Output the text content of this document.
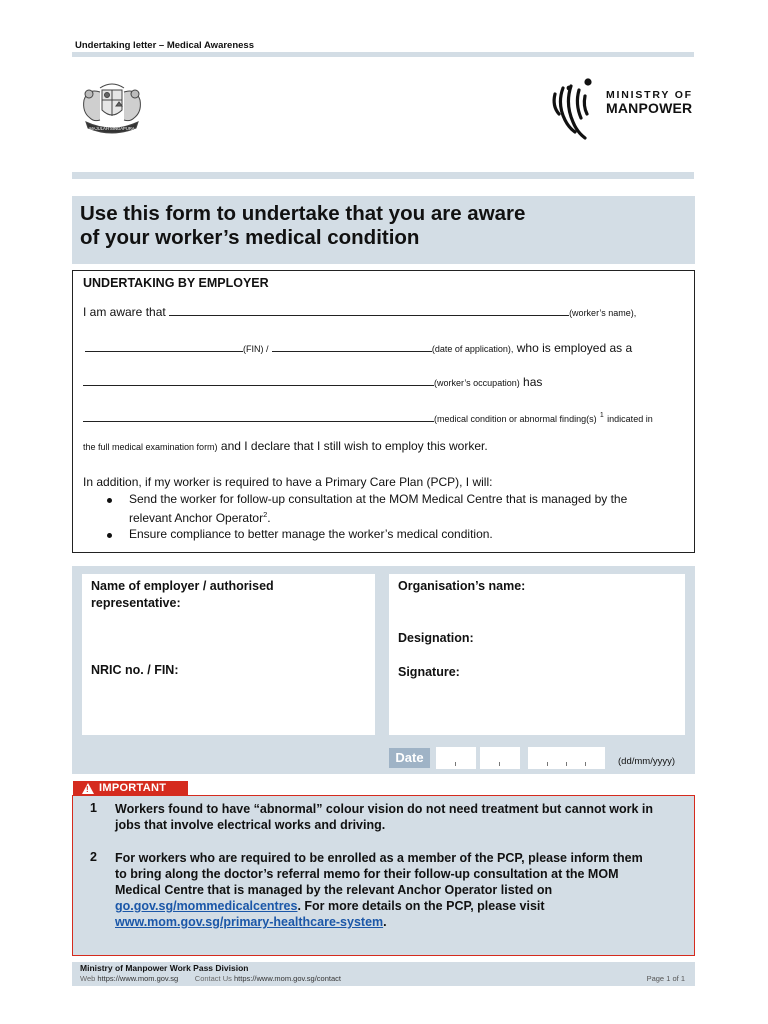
Undertaking letter – Medical Awareness
MAJULAH SINGAPURA
MINISTRY OF
MANPOWER
Use this form to undertake that you are aware
of your worker’s medical condition
UNDERTAKING BY EMPLOYER
I am aware that	(worker’s name),
(FIN) /	(date of application), who is employed as a
(worker’s occupation) has
(medical condition or abnormal finding(s) $^1$ indicated in
the full medical examination form) and I declare that I still wish to employ this worker.
In addition, if my worker is required to have a Primary Care Plan (PCP), I will:
Send the worker for follow-up consultation at the MOM Medical Centre that is managed by the
relevant Anchor Operator$^2$.
Ensure compliance to better manage the worker’s medical condition.
Name of employer / authorised
representative:
NRIC no. / FIN:
Organisation’s name:
Designation:
Signature:
Date	(dd/mm/yyyy)
1 Workers found to have “abnormal” colour vision do not need treatment but cannot work in
jobs that involve electrical works and driving.
2 For workers who are required to be enrolled as a member of the PCP, please inform them
to bring along the doctor’s referral memo for their follow-up consultation at the MOM
Medical Centre that is managed by the relevant Anchor Operator listed on
go.gov.sg/mommedicalcentres. For more details on the PCP, please visit
www.mom.gov.sg/primary-healthcare-system.
! IMPORTANT
Ministry of Manpower Work Pass Division
Web https://www.mom.gov.sg Contact Us https://www.mom.gov.sg/contact	Page 1 of 1
